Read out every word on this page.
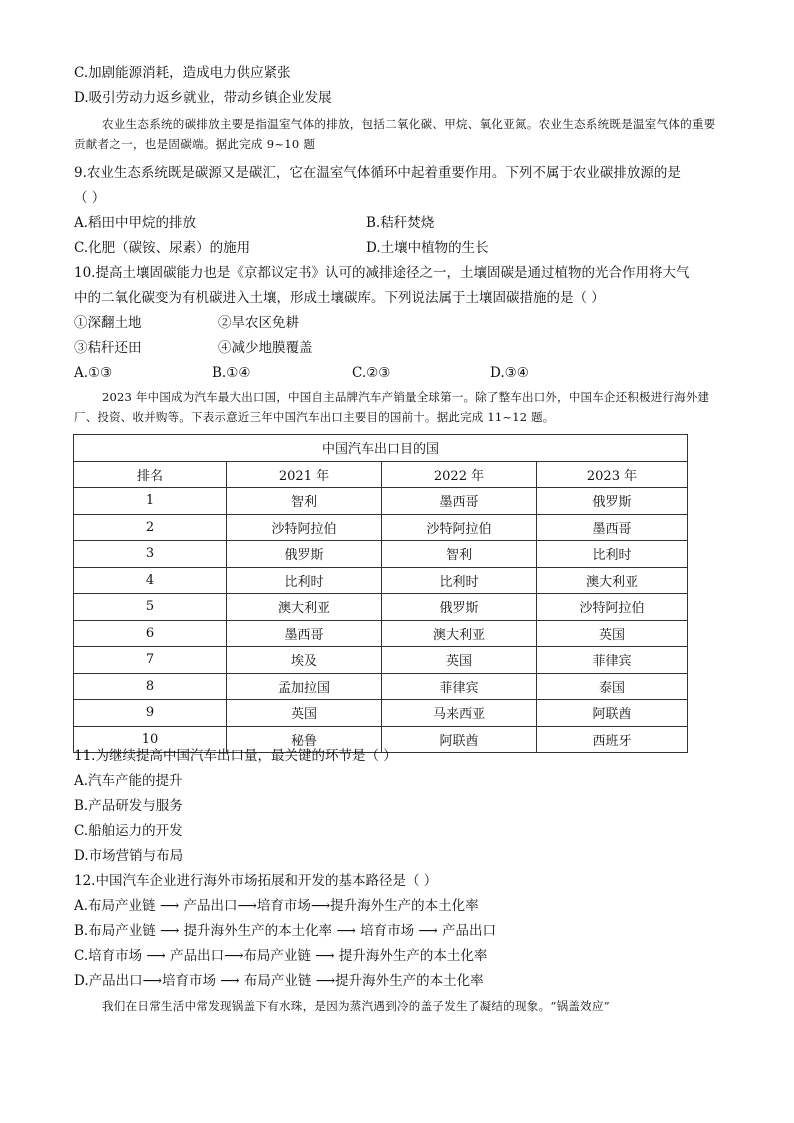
C.加剧能源消耗，造成电力供应紧张
D.吸引劳动力返乡就业，带动乡镇企业发展
农业生态系统的碳排放主要是指温室气体的排放，包括二氧化碳、甲烷、氧化亚氮。农业生态系统既是温室气体的重要贡献者之一，也是固碳端。据此完成 9~10 题
9.农业生态系统既是碳源又是碳汇，它在温室气体循环中起着重要作用。下列不属于农业碳排放源的是
（ ）
A.稻田中甲烷的排放	B.秸秆焚烧
C.化肥（碳铵、尿素）的施用	D.土壤中植物的生长
10.提高土壤固碳能力也是《京都议定书》认可的减排途径之一，土壤固碳是通过植物的光合作用将大气
中的二氧化碳变为有机碳进入土壤，形成土壤碳库。下列说法属于土壤固碳措施的是（ ）
①深翻土地	②旱农区免耕
③秸秆还田	④减少地膜覆盖
A.①③	B.①④	C.②③	D.③④
2023 年中国成为汽车最大出口国，中国自主品牌汽车产销量全球第一。除了整车出口外，中国车企还积极进行海外建厂、投资、收并购等。下表示意近三年中国汽车出口主要目的国前十。据此完成 11~12 题。
中国汽车出口目的国			
排名	2021 年	2022 年	2023 年
1	智利	墨西哥	俄罗斯
2	沙特阿拉伯	沙特阿拉伯	墨西哥
3	俄罗斯	智利	比利时
4	比利时	比利时	澳大利亚
5	澳大利亚	俄罗斯	沙特阿拉伯
6	墨西哥	澳大利亚	英国
7	埃及	英国	菲律宾
8	孟加拉国	菲律宾	泰国
9	英国	马来西亚	阿联酋
10	秘鲁	阿联酋	西班牙
11.为继续提高中国汽车出口量，最关键的环节是（ ）
A.汽车产能的提升
B.产品研发与服务
C.船舶运力的开发
D.市场营销与布局
12.中国汽车企业进行海外市场拓展和开发的基本路径是（ ）
A.布局产业链 ⟶ 产品出口⟶培育市场⟶提升海外生产的本土化率
B.布局产业链 ⟶ 提升海外生产的本土化率 ⟶ 培育市场 ⟶ 产品出口
C.培育市场 ⟶ 产品出口⟶布局产业链 ⟶ 提升海外生产的本土化率
D.产品出口⟶培育市场 ⟶ 布局产业链 ⟶提升海外生产的本土化率
我们在日常生活中常发现锅盖下有水珠，是因为蒸汽遇到冷的盖子发生了凝结的现象。“锅盖效应”
